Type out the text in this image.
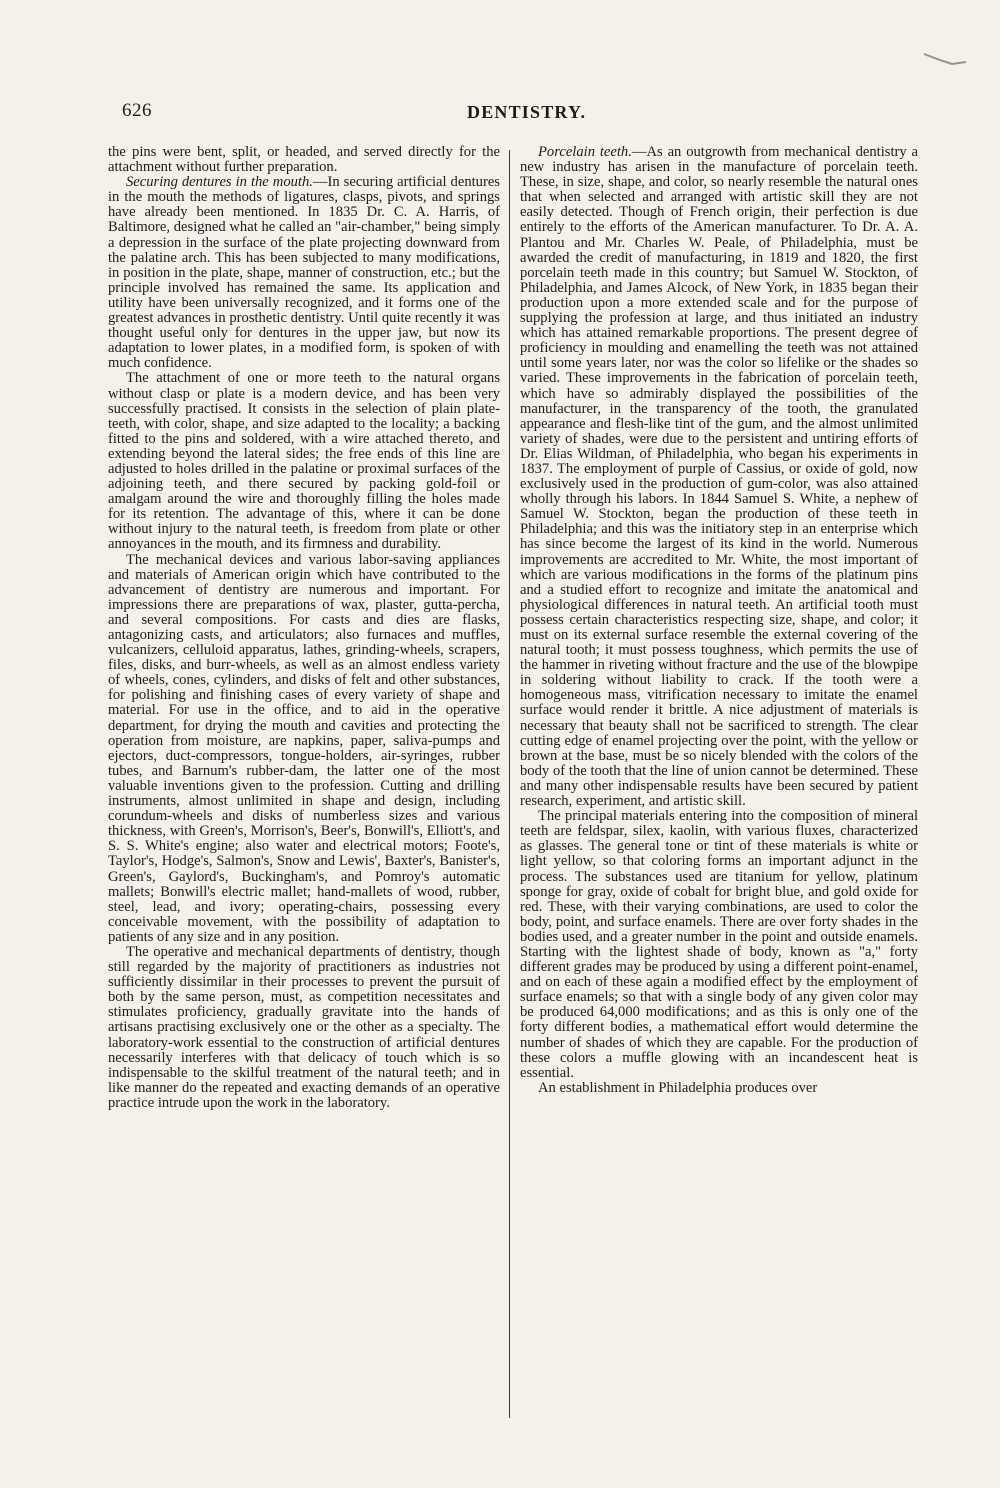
626	DENTISTRY.

the pins were bent, split, or headed, and served directly for the attachment without further preparation.

Securing dentures in the mouth.—In securing artificial dentures in the mouth the methods of ligatures, clasps, pivots, and springs have already been mentioned. In 1835 Dr. C. A. Harris, of Baltimore, designed what he called an "air-chamber," being simply a depression in the surface of the plate projecting downward from the palatine arch. This has been subjected to many modifications, in position in the plate, shape, manner of construction, etc.; but the principle involved has remained the same. Its application and utility have been universally recognized, and it forms one of the greatest advances in prosthetic dentistry. Until quite recently it was thought useful only for dentures in the upper jaw, but now its adaptation to lower plates, in a modified form, is spoken of with much confidence.

The attachment of one or more teeth to the natural organs without clasp or plate is a modern device, and has been very successfully practised. It consists in the selection of plain plate-teeth, with color, shape, and size adapted to the locality; a backing fitted to the pins and soldered, with a wire attached thereto, and extending beyond the lateral sides; the free ends of this line are adjusted to holes drilled in the palatine or proximal surfaces of the adjoining teeth, and there secured by packing gold-foil or amalgam around the wire and thoroughly filling the holes made for its retention. The advantage of this, where it can be done without injury to the natural teeth, is freedom from plate or other annoyances in the mouth, and its firmness and durability.

The mechanical devices and various labor-saving appliances and materials of American origin which have contributed to the advancement of dentistry are numerous and important. For impressions there are preparations of wax, plaster, gutta-percha, and several compositions. For casts and dies are flasks, antagonizing casts, and articulators; also furnaces and muffles, vulcanizers, celluloid apparatus, lathes, grinding-wheels, scrapers, files, disks, and burr-wheels, as well as an almost endless variety of wheels, cones, cylinders, and disks of felt and other substances, for polishing and finishing cases of every variety of shape and material. For use in the office, and to aid in the operative department, for drying the mouth and cavities and protecting the operation from moisture, are napkins, paper, saliva-pumps and ejectors, duct-compressors, tongue-holders, air-syringes, rubber tubes, and Barnum's rubber-dam, the latter one of the most valuable inventions given to the profession. Cutting and drilling instruments, almost unlimited in shape and design, including corundum-wheels and disks of numberless sizes and various thickness, with Green's, Morrison's, Beer's, Bonwill's, Elliott's, and S. S. White's engine; also water and electrical motors; Foote's, Taylor's, Hodge's, Salmon's, Snow and Lewis', Baxter's, Banister's, Green's, Gaylord's, Buckingham's, and Pomroy's automatic mallets; Bonwill's electric mallet; hand-mallets of wood, rubber, steel, lead, and ivory; operating-chairs, possessing every conceivable movement, with the possibility of adaptation to patients of any size and in any position.

The operative and mechanical departments of dentistry, though still regarded by the majority of practitioners as industries not sufficiently dissimilar in their processes to prevent the pursuit of both by the same person, must, as competition necessitates and stimulates proficiency, gradually gravitate into the hands of artisans practising exclusively one or the other as a specialty. The laboratory-work essential to the construction of artificial dentures necessarily interferes with that delicacy of touch which is so indispensable to the skilful treatment of the natural teeth; and in like manner do the repeated and exacting demands of an operative practice intrude upon the work in the laboratory.

Porcelain teeth.—As an outgrowth from mechanical dentistry a new industry has arisen in the manufacture of porcelain teeth. These, in size, shape, and color, so nearly resemble the natural ones that when selected and arranged with artistic skill they are not easily detected. Though of French origin, their perfection is due entirely to the efforts of the American manufacturer. To Dr. A. A. Plantou and Mr. Charles W. Peale, of Philadelphia, must be awarded the credit of manufacturing, in 1819 and 1820, the first porcelain teeth made in this country; but Samuel W. Stockton, of Philadelphia, and James Alcock, of New York, in 1835 began their production upon a more extended scale and for the purpose of supplying the profession at large, and thus initiated an industry which has attained remarkable proportions. The present degree of proficiency in moulding and enamelling the teeth was not attained until some years later, nor was the color so lifelike or the shades so varied. These improvements in the fabrication of porcelain teeth, which have so admirably displayed the possibilities of the manufacturer, in the transparency of the tooth, the granulated appearance and flesh-like tint of the gum, and the almost unlimited variety of shades, were due to the persistent and untiring efforts of Dr. Elias Wildman, of Philadelphia, who began his experiments in 1837. The employment of purple of Cassius, or oxide of gold, now exclusively used in the production of gum-color, was also attained wholly through his labors. In 1844 Samuel S. White, a nephew of Samuel W. Stockton, began the production of these teeth in Philadelphia; and this was the initiatory step in an enterprise which has since become the largest of its kind in the world. Numerous improvements are accredited to Mr. White, the most important of which are various modifications in the forms of the platinum pins and a studied effort to recognize and imitate the anatomical and physiological differences in natural teeth. An artificial tooth must possess certain characteristics respecting size, shape, and color; it must on its external surface resemble the external covering of the natural tooth; it must possess toughness, which permits the use of the hammer in riveting without fracture and the use of the blowpipe in soldering without liability to crack. If the tooth were a homogeneous mass, vitrification necessary to imitate the enamel surface would render it brittle. A nice adjustment of materials is necessary that beauty shall not be sacrificed to strength. The clear cutting edge of enamel projecting over the point, with the yellow or brown at the base, must be so nicely blended with the colors of the body of the tooth that the line of union cannot be determined. These and many other indispensable results have been secured by patient research, experiment, and artistic skill.

The principal materials entering into the composition of mineral teeth are feldspar, silex, kaolin, with various fluxes, characterized as glasses. The general tone or tint of these materials is white or light yellow, so that coloring forms an important adjunct in the process. The substances used are titanium for yellow, platinum sponge for gray, oxide of cobalt for bright blue, and gold oxide for red. These, with their varying combinations, are used to color the body, point, and surface enamels. There are over forty shades in the bodies used, and a greater number in the point and outside enamels. Starting with the lightest shade of body, known as "a," forty different grades may be produced by using a different point-enamel, and on each of these again a modified effect by the employment of surface enamels; so that with a single body of any given color may be produced 64,000 modifications; and as this is only one of the forty different bodies, a mathematical effort would determine the number of shades of which they are capable. For the production of these colors a muffle glowing with an incandescent heat is essential.

An establishment in Philadelphia produces over
